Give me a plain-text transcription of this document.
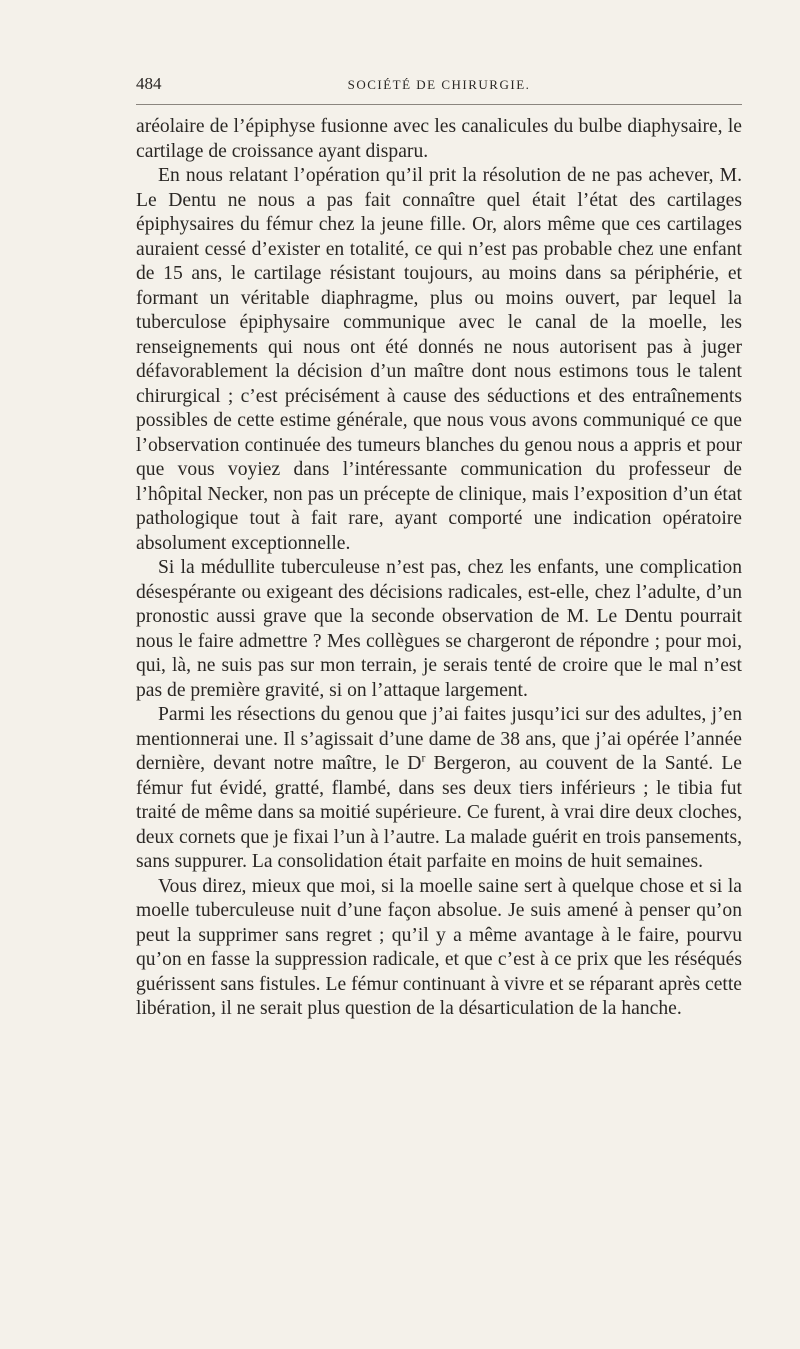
484	SOCIÉTÉ DE CHIRURGIE.

aréolaire de l’épiphyse fusionne avec les canalicules du bulbe diaphysaire, le cartilage de croissance ayant disparu.

En nous relatant l’opération qu’il prit la résolution de ne pas achever, M. Le Dentu ne nous a pas fait connaître quel était l’état des cartilages épiphysaires du fémur chez la jeune fille. Or, alors même que ces cartilages auraient cessé d’exister en totalité, ce qui n’est pas probable chez une enfant de 15 ans, le cartilage résistant toujours, au moins dans sa périphérie, et formant un véritable diaphragme, plus ou moins ouvert, par lequel la tuberculose épiphysaire communique avec le canal de la moelle, les renseignements qui nous ont été donnés ne nous autorisent pas à juger défavorablement la décision d’un maître dont nous estimons tous le talent chirurgical ; c’est précisément à cause des séductions et des entraînements possibles de cette estime générale, que nous vous avons communiqué ce que l’observation continuée des tumeurs blanches du genou nous a appris et pour que vous voyiez dans l’intéressante communication du professeur de l’hôpital Necker, non pas un précepte de clinique, mais l’exposition d’un état pathologique tout à fait rare, ayant comporté une indication opératoire absolument exceptionnelle.

Si la médullite tuberculeuse n’est pas, chez les enfants, une complication désespérante ou exigeant des décisions radicales, est-elle, chez l’adulte, d’un pronostic aussi grave que la seconde observation de M. Le Dentu pourrait nous le faire admettre ? Mes collègues se chargeront de répondre ; pour moi, qui, là, ne suis pas sur mon terrain, je serais tenté de croire que le mal n’est pas de première gravité, si on l’attaque largement.

Parmi les résections du genou que j’ai faites jusqu’ici sur des adultes, j’en mentionnerai une. Il s’agissait d’une dame de 38 ans, que j’ai opérée l’année dernière, devant notre maître, le $D^r$ Bergeron, au couvent de la Santé. Le fémur fut évidé, gratté, flambé, dans ses deux tiers inférieurs ; le tibia fut traité de même dans sa moitié supérieure. Ce furent, à vrai dire deux cloches, deux cornets que je fixai l’un à l’autre. La malade guérit en trois pansements, sans suppurer. La consolidation était parfaite en moins de huit semaines.

Vous direz, mieux que moi, si la moelle saine sert à quelque chose et si la moelle tuberculeuse nuit d’une façon absolue. Je suis amené à penser qu’on peut la supprimer sans regret ; qu’il y a même avantage à le faire, pourvu qu’on en fasse la suppression radicale, et que c’est à ce prix que les réséqués guérissent sans fistules. Le fémur continuant à vivre et se réparant après cette libération, il ne serait plus question de la désarticulation de la hanche.
